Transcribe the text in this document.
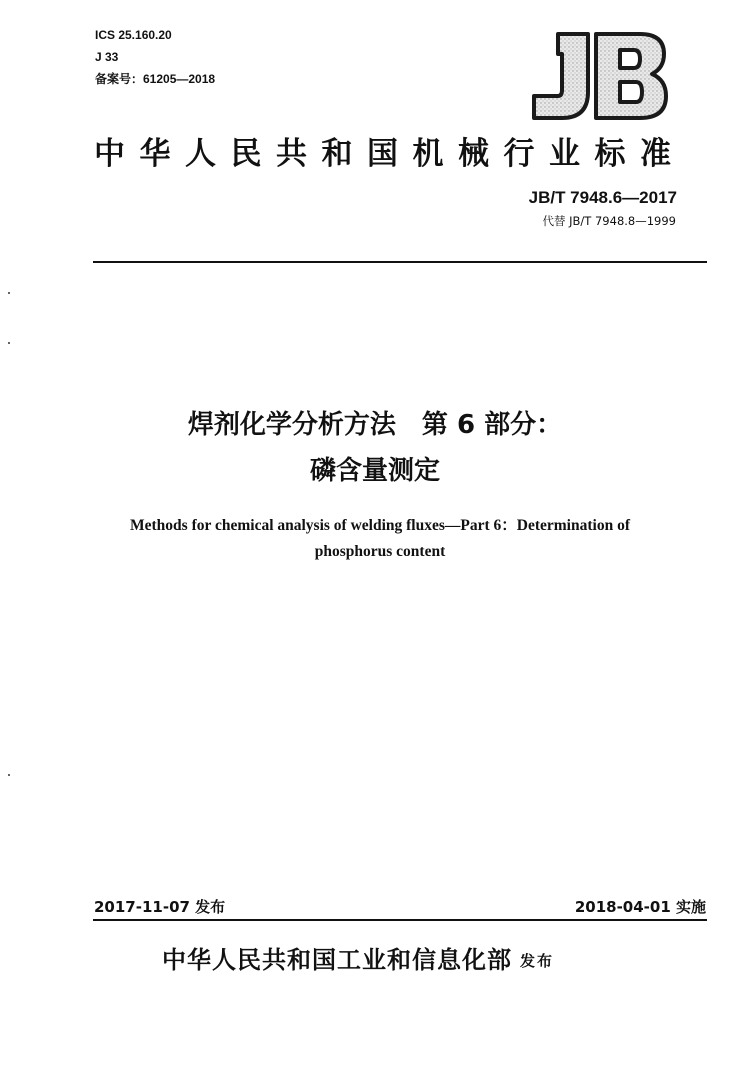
ICS 25.160.20
J 33
备案号：61205—2018
中华人民共和国机械行业标准
JB/T 7948.6—2017
代替 JB/T 7948.8—1999
焊剂化学分析方法　第 6 部分：
磷含量测定
Methods for chemical analysis of welding fluxes—Part 6：Determination of
phosphorus content
2017-11-07 发布	2018-04-01 实施
中华人民共和国工业和信息化部 发布
